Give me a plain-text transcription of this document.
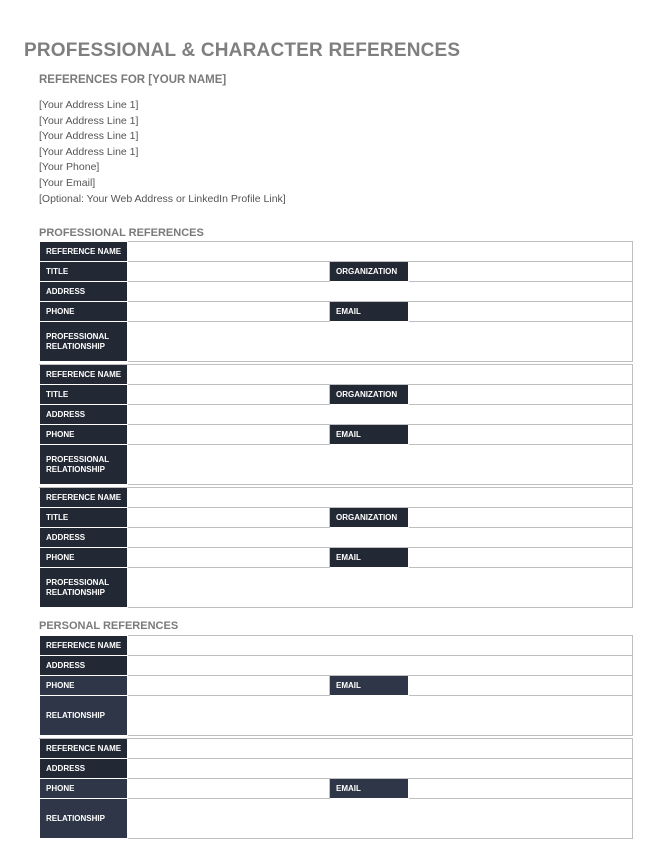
PROFESSIONAL & CHARACTER REFERENCES
REFERENCES FOR [YOUR NAME]
[Your Address Line 1]
[Your Address Line 1]
[Your Address Line 1]
[Your Address Line 1]
[Your Phone]
[Your Email]
[Optional: Your Web Address or LinkedIn Profile Link]
PROFESSIONAL REFERENCES
REFERENCE NAME			

TITLE		ORGANIZATION	

ADDRESS			

PHONE		EMAIL	

PROFESSIONAL
RELATIONSHIP			

REFERENCE NAME			

TITLE		ORGANIZATION	

ADDRESS			

PHONE		EMAIL	

PROFESSIONAL
RELATIONSHIP			

REFERENCE NAME			

TITLE		ORGANIZATION	

ADDRESS			

PHONE		EMAIL	

PROFESSIONAL
RELATIONSHIP			

PERSONAL REFERENCES
REFERENCE NAME			

ADDRESS			

PHONE		EMAIL	

RELATIONSHIP			

REFERENCE NAME			

ADDRESS			

PHONE		EMAIL	

RELATIONSHIP			
